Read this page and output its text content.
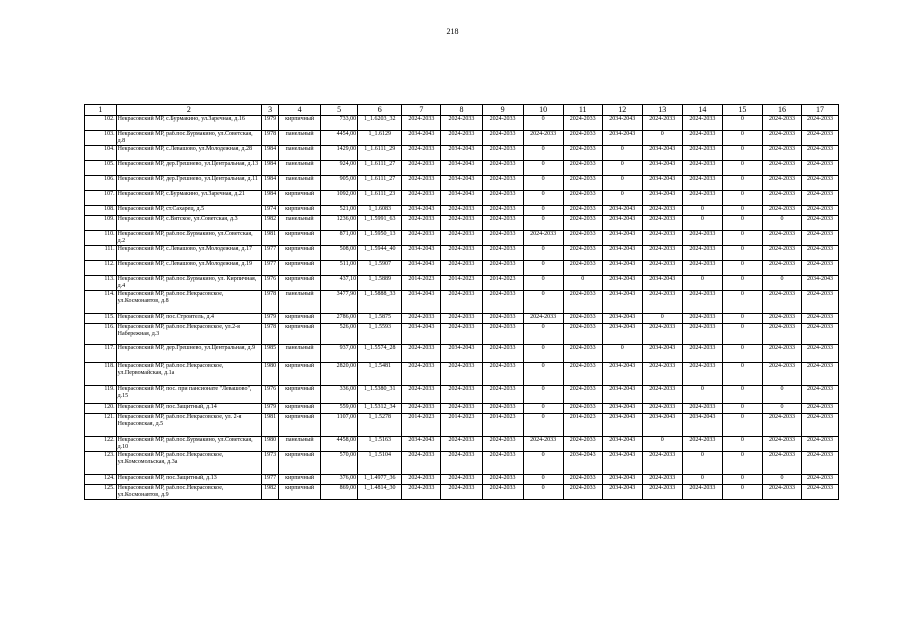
218
1	2	3	4	5	6	7	8	9	10	11	12	13	14	15	16	17
102.	Некрасовский МР, с.Бурмакино, ул.Заречная, д.16	1979	кирпичный	733,00	1_1.6203_32	2024-2033	2024-2033	2024-2033	0	2024-2033	2034-2043	2024-2033	2024-2033	0	2024-2033	2024-2033
103.	Некрасовский МР, раб.пос.Бурмакино, ул.Советская, д.8	1978	панельный	4454,00	1_1.6129	2034-2043	2024-2033	2024-2033	2024-2033	2024-2033	2034-2043	0	2024-2033	0	2024-2033	2024-2033
104.	Некрасовский МР, с.Левашово, ул.Молодежная, д.28	1984	панельный	1429,00	1_1.6111_29	2024-2033	2034-2043	2024-2033	0	2024-2033	0	2034-2043	2024-2033	0	2024-2033	2024-2033
105.	Некрасовский МР, дер.Грешнево, ул.Центральная, д.13	1984	панельный	924,00	1_1.6111_27	2024-2033	2034-2043	2024-2033	0	2024-2033	0	2034-2043	2024-2033	0	2024-2033	2024-2033
106.	Некрасовский МР, дер.Грешнево, ул.Центральная, д.11	1984	панельный	905,00	1_1.6111_27	2024-2033	2034-2043	2024-2033	0	2024-2033	0	2034-2043	2024-2033	0	2024-2033	2024-2033
107.	Некрасовский МР, с.Бурмакино, ул.Заречная, д.21	1984	кирпичный	1092,00	1_1.6111_23	2024-2033	2034-2043	2024-2033	0	2024-2033	0	2034-2043	2024-2033	0	2024-2033	2024-2033
108.	Некрасовский МР, ст.Сахарец, д.5	1974	кирпичный	521,00	1_1.6083	2034-2043	2024-2033	2024-2033	0	2024-2033	2034-2043	2024-2033	0	0	2024-2033	2024-2033
109.	Некрасовский МР, с.Вятское, ул.Советская, д.3	1982	панельный	1236,00	1_1.5991_63	2024-2033	2024-2033	2024-2033	0	2024-2033	2034-2043	2024-2033	0	0	0	2024-2033
110.	Некрасовский МР, раб.пос.Бурмакино, ул.Советская, д.2	1981	кирпичный	871,00	1_1.5950_13	2024-2033	2024-2033	2024-2033	2024-2033	2024-2033	2034-2043	2024-2033	2024-2033	0	2024-2033	2024-2033
111.	Некрасовский МР, с.Левашово, ул.Молодежная, д.17	1977	кирпичный	508,00	1_1.5944_40	2034-2043	2024-2033	2024-2033	0	2024-2033	2034-2043	2024-2033	2024-2033	0	2024-2033	2024-2033
112.	Некрасовский МР, с.Левашово, ул.Молодежная, д.19	1977	кирпичный	511,00	1_1.5907	2034-2043	2024-2033	2024-2033	0	2024-2033	2034-2043	2024-2033	2024-2033	0	2024-2033	2024-2033
113.	Некрасовский МР, раб.пос.Бурмакино, ул. Кирпичная, д.4	1976	кирпичный	437,10	1_1.5889	2014-2023	2014-2023	2014-2023	0	0	2034-2043	2034-2043	0	0	0	2034-2043
114.	Некрасовский МР, раб.пос.Некрасовское, ул.Космонавтов, д.8	1978	панельный	3477,90	1_1.5888_33	2034-2043	2024-2033	2024-2033	0	2024-2033	2034-2043	2024-2033	2024-2033	0	2024-2033	2024-2033
115.	Некрасовский МР, пос.Строитель, д.4	1979	кирпичный	2786,00	1_1.5875	2024-2033	2024-2033	2024-2033	2024-2033	2024-2033	2034-2043	0	2024-2033	0	2024-2033	2024-2033
116.	Некрасовский МР, раб.пос.Некрасовское, ул.2-я Набережная, д.3	1978	кирпичный	526,00	1_1.5593	2034-2043	2024-2033	2024-2033	0	2024-2033	2034-2043	2024-2033	2024-2033	0	2024-2033	2024-2033
117.	Некрасовский МР, дер.Грешнево, ул.Центральная, д.9	1985	панельный	937,00	1_1.5574_28	2024-2033	2034-2043	2024-2033	0	2024-2033	0	2034-2043	2024-2033	0	2024-2033	2024-2033
118.	Некрасовский МР, раб.пос.Некрасовское, ул.Первомайская, д.1а	1980	кирпичный	2820,00	1_1.5481	2024-2033	2024-2033	2024-2033	0	2024-2033	2034-2043	2024-2033	2024-2033	0	2024-2033	2024-2033
119.	Некрасовский МР, пос. при пансионате "Левашово", д.15	1976	кирпичный	336,00	1_1.5380_31	2024-2033	2024-2033	2024-2033	0	2024-2033	2034-2043	2024-2033	0	0	0	2024-2033
120.	Некрасовский МР, пос.Защитный, д.14	1979	кирпичный	559,00	1_1.5312_34	2024-2033	2024-2033	2024-2033	0	2024-2033	2034-2043	2024-2033	2024-2033	0	0	2024-2033
121.	Некрасовский МР, раб.пос.Некрасовское, ул. 2-я Некрасовская, д.5	1981	кирпичный	1107,00	1_1.5278	2014-2023	2014-2023	2014-2023	0	2014-2023	2034-2043	2034-2043	2034-2043	0	2024-2033	2024-2033
122.	Некрасовский МР, раб.пос.Бурмакино, ул.Советская, д.10	1980	панельный	4458,00	1_1.5163	2034-2043	2024-2033	2024-2033	2024-2033	2024-2033	2034-2043	0	2024-2033	0	2024-2033	2024-2033
123.	Некрасовский МР, раб.пос.Некрасовское, ул.Комсомольская, д.3а	1973	кирпичный	570,00	1_1.5104	2024-2033	2024-2033	2024-2033	0	2034-2043	2034-2043	2024-2033	0	0	2024-2033	2024-2033
124.	Некрасовский МР, пос.Защитный, д.13	1977	кирпичный	376,00	1_1.4977_36	2024-2033	2024-2033	2024-2033	0	2024-2033	2034-2043	2024-2033	0	0	0	2024-2033
125.	Некрасовский МР, раб.пос.Некрасовское, ул.Космонавтов, д.9	1982	кирпичный	869,00	1_1.4814_30	2024-2033	2024-2033	2024-2033	0	2024-2033	2034-2043	2024-2033	2024-2033	0	2024-2033	2024-2033
